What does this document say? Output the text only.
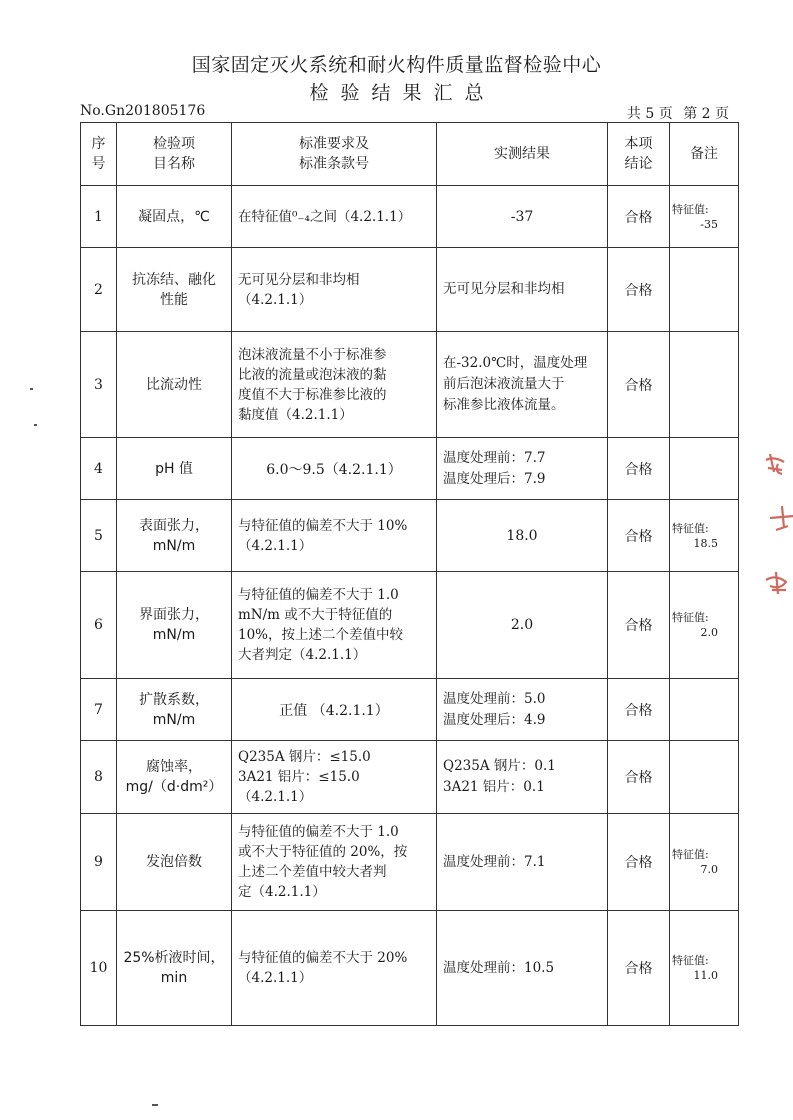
国家固定灭火系统和耐火构件质量监督检验中心
检验结果汇总
No.Gn201805176	共 5 页 第 2 页
序
号	检验项
目名称	标准要求及
标准条款号	实测结果	本项
结论	备注
1	凝固点，℃	在特征值⁰₋₄之间（4.2.1.1）	-37	合格	特征值:
-35
2	抗冻结、融化
性能	无可见分层和非均相
（4.2.1.1）	无可见分层和非均相	合格	

3	比流动性	泡沫液流量不小于标准参
比液的流量或泡沫液的黏
度值不大于标准参比液的
黏度值（4.2.1.1）	在-32.0℃时，温度处理
前后泡沫液流量大于
标准参比液体流量。	合格	

4	pH 值	6.0～9.5（4.2.1.1）	温度处理前：7.7
温度处理后：7.9	合格	

5	表面张力，
mN/m	与特征值的偏差不大于 10%
（4.2.1.1）	18.0	合格	特征值:
18.5
6	界面张力，
mN/m	与特征值的偏差不大于 1.0
mN/m 或不大于特征值的
10%，按上述二个差值中较
大者判定（4.2.1.1）	2.0	合格	特征值:
2.0
7	扩散系数，
mN/m	正值 （4.2.1.1）	温度处理前：5.0
温度处理后：4.9	合格	

8	腐蚀率，
mg/（d·dm²）	Q235A 钢片：≤15.0
3A21 铝片：≤15.0
（4.2.1.1）	Q235A 钢片：0.1
3A21 铝片：0.1	合格	

9	发泡倍数	与特征值的偏差不大于 1.0
或不大于特征值的 20%，按
上述二个差值中较大者判
定（4.2.1.1）	温度处理前：7.1	合格	特征值:
7.0
10	25%析液时间，
min	与特征值的偏差不大于 20%
（4.2.1.1）	温度处理前：10.5	合格	特征值:
11.0
